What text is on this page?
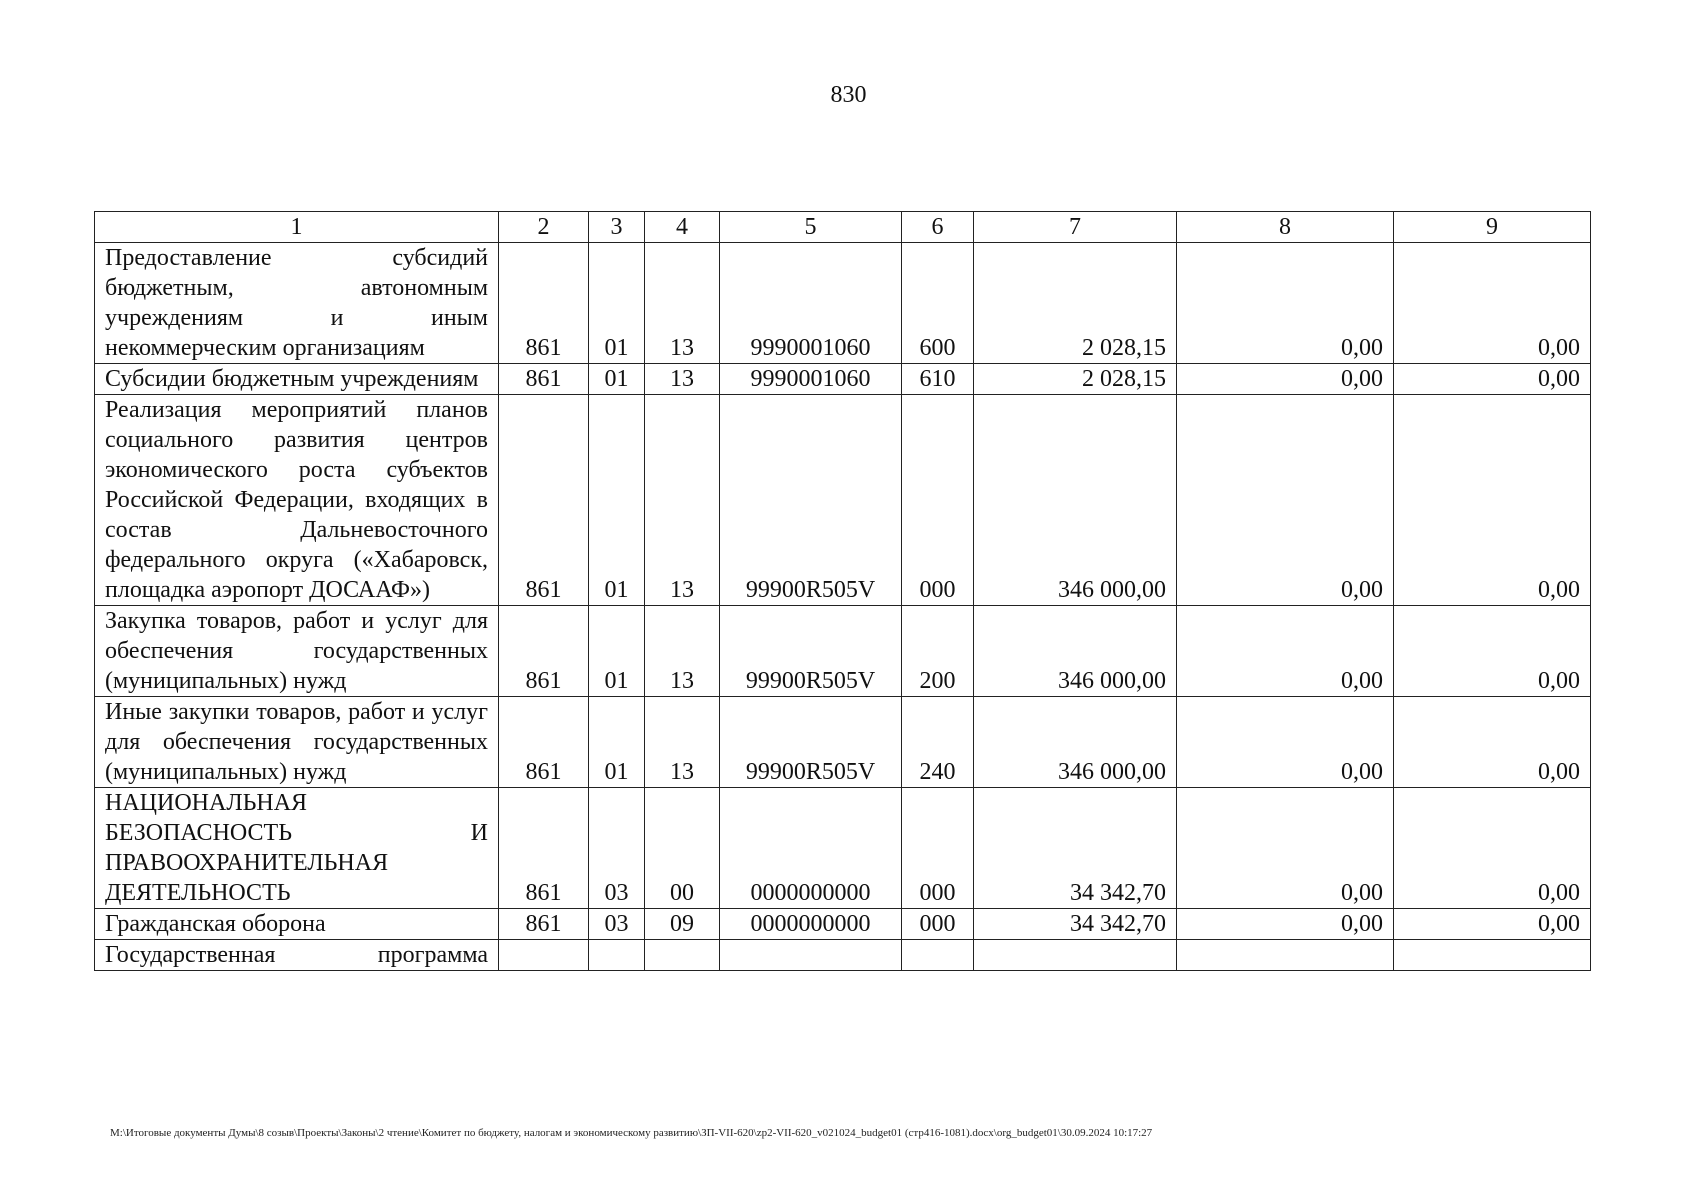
830
1	2	3	4	5	6	7	8	9
Предоставление субсидий бюджетным, автономным учреждениям и иным некоммерческим организациям	861	01	13	9990001060	600	2 028,15	0,00	0,00
Субсидии бюджетным учреждениям	861	01	13	9990001060	610	2 028,15	0,00	0,00
Реализация мероприятий планов социального развития центров экономического роста субъектов Российской Федерации, входящих в состав Дальневосточного федерального округа («Хабаровск, площадка аэропорт ДОСААФ»)	861	01	13	99900R505V	000	346 000,00	0,00	0,00
Закупка товаров, работ и услуг для обеспечения государственных (муниципальных) нужд	861	01	13	99900R505V	200	346 000,00	0,00	0,00
Иные закупки товаров, работ и услуг для обеспечения государственных (муниципальных) нужд	861	01	13	99900R505V	240	346 000,00	0,00	0,00
НАЦИОНАЛЬНАЯ БЕЗОПАСНОСТЬ И ПРАВООХРАНИТЕЛЬНАЯ ДЕЯТЕЛЬНОСТЬ	861	03	00	0000000000	000	34 342,70	0,00	0,00
Гражданская оборона	861	03	09	0000000000	000	34 342,70	0,00	0,00
Государственная программа								
M:\Итоговые документы Думы\8 созыв\Проекты\Законы\2 чтение\Комитет по бюджету, налогам и экономическому развитию\ЗП-VII-620\zp2-VII-620_v021024_budget01 (стр416-1081).docx\org_budget01\30.09.2024 10:17:27
